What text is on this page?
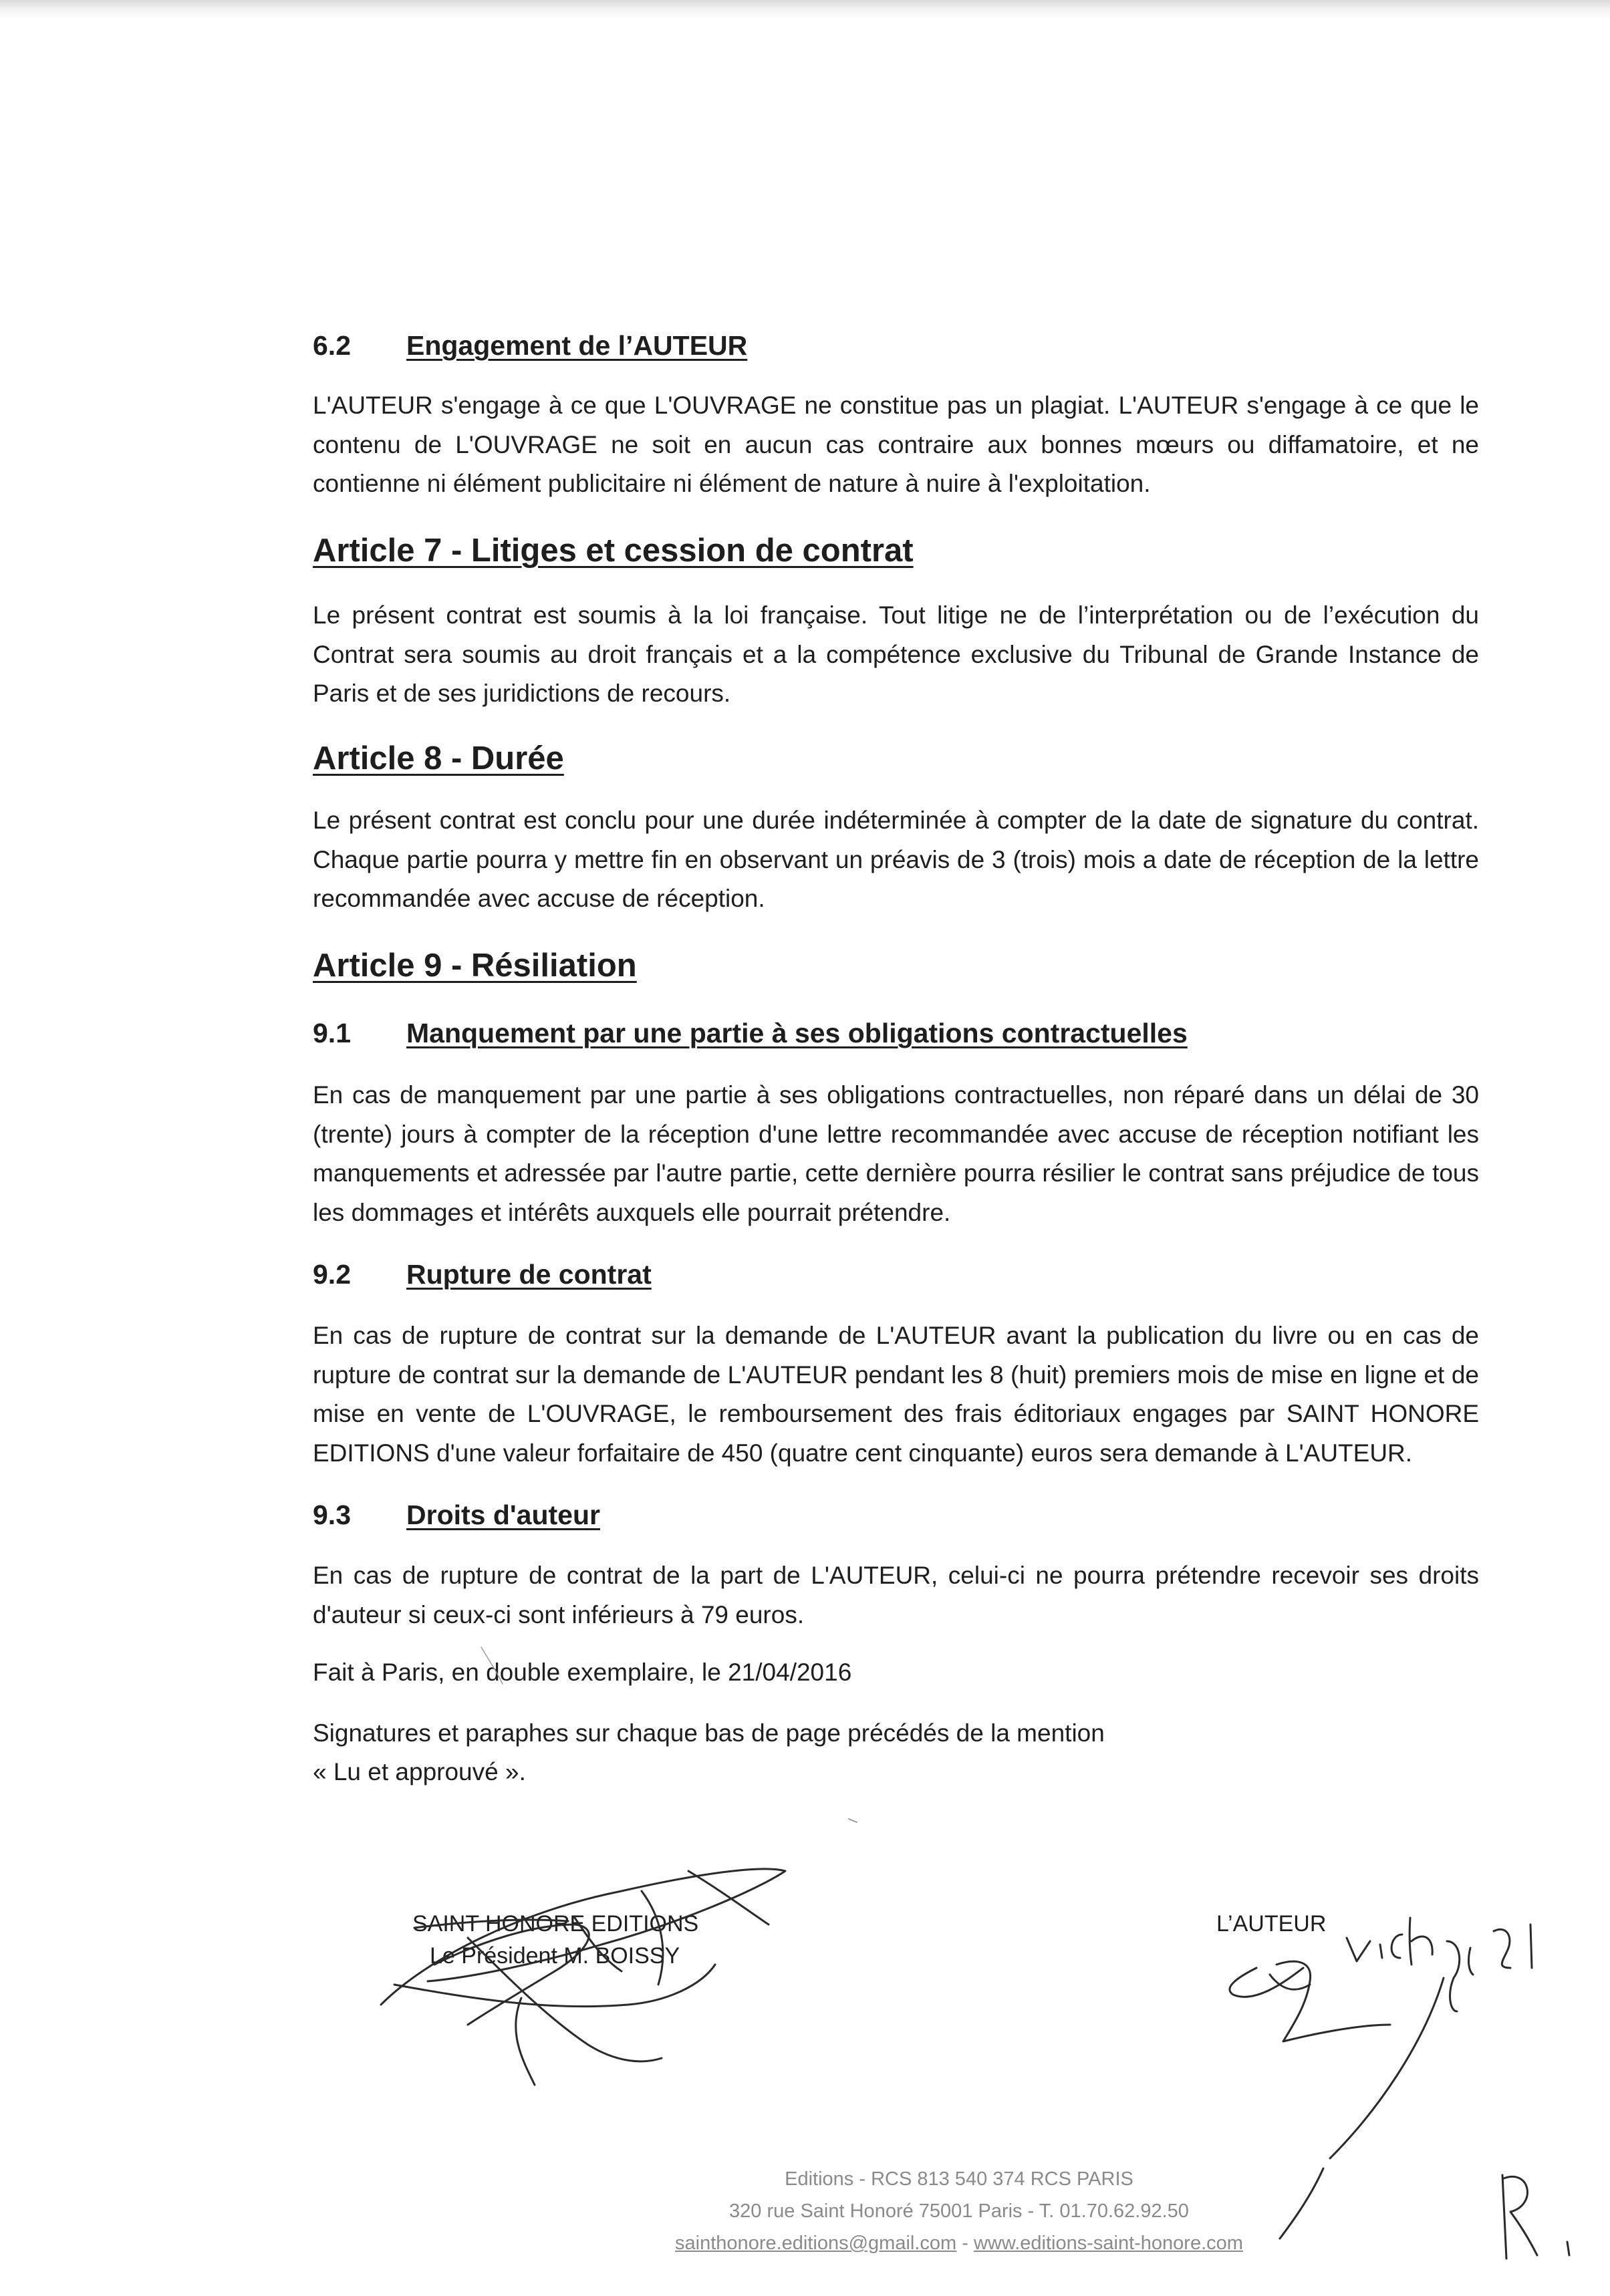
6.2 Engagement de l’AUTEUR
L'AUTEUR s'engage à ce que L'OUVRAGE ne constitue pas un plagiat. L'AUTEUR s'engage à ce que le contenu de L'OUVRAGE ne soit en aucun cas contraire aux bonnes mœurs ou diffamatoire, et ne contienne ni élément publicitaire ni élément de nature à nuire à l'exploitation.
Article 7 - Litiges et cession de contrat
Le présent contrat est soumis à la loi française. Tout litige ne de l’interprétation ou de l’exécution du Contrat sera soumis au droit français et a la compétence exclusive du Tribunal de Grande Instance de Paris et de ses juridictions de recours.
Article 8 - Durée
Le présent contrat est conclu pour une durée indéterminée à compter de la date de signature du contrat. Chaque partie pourra y mettre fin en observant un préavis de 3 (trois) mois a date de réception de la lettre recommandée avec accuse de réception.
Article 9 - Résiliation
9.1 Manquement par une partie à ses obligations contractuelles
En cas de manquement par une partie à ses obligations contractuelles, non réparé dans un délai de 30 (trente) jours à compter de la réception d'une lettre recommandée avec accuse de réception notifiant les manquements et adressée par l'autre partie, cette dernière pourra résilier le contrat sans préjudice de tous les dommages et intérêts auxquels elle pourrait prétendre.
9.2 Rupture de contrat
En cas de rupture de contrat sur la demande de L'AUTEUR avant la publication du livre ou en cas de rupture de contrat sur la demande de L'AUTEUR pendant les 8 (huit) premiers mois de mise en ligne et de mise en vente de L'OUVRAGE, le remboursement des frais éditoriaux engages par SAINT HONORE EDITIONS d'une valeur forfaitaire de 450 (quatre cent cinquante) euros sera demande à L'AUTEUR.
9.3 Droits d'auteur
En cas de rupture de contrat de la part de L'AUTEUR, celui-ci ne pourra prétendre recevoir ses droits d'auteur si ceux-ci sont inférieurs à 79 euros.
Fait à Paris, en double exemplaire, le 21/04/2016
Signatures et paraphes sur chaque bas de page précédés de la mention
« Lu et approuvé ».
SAINT HONORE EDITIONS
Le Président M. BOISSY
L’AUTEUR
Editions - RCS 813 540 374 RCS PARIS
320 rue Saint Honoré 75001 Paris - T. 01.70.62.92.50
sainthonore.editions@gmail.com - www.editions-saint-honore.com
